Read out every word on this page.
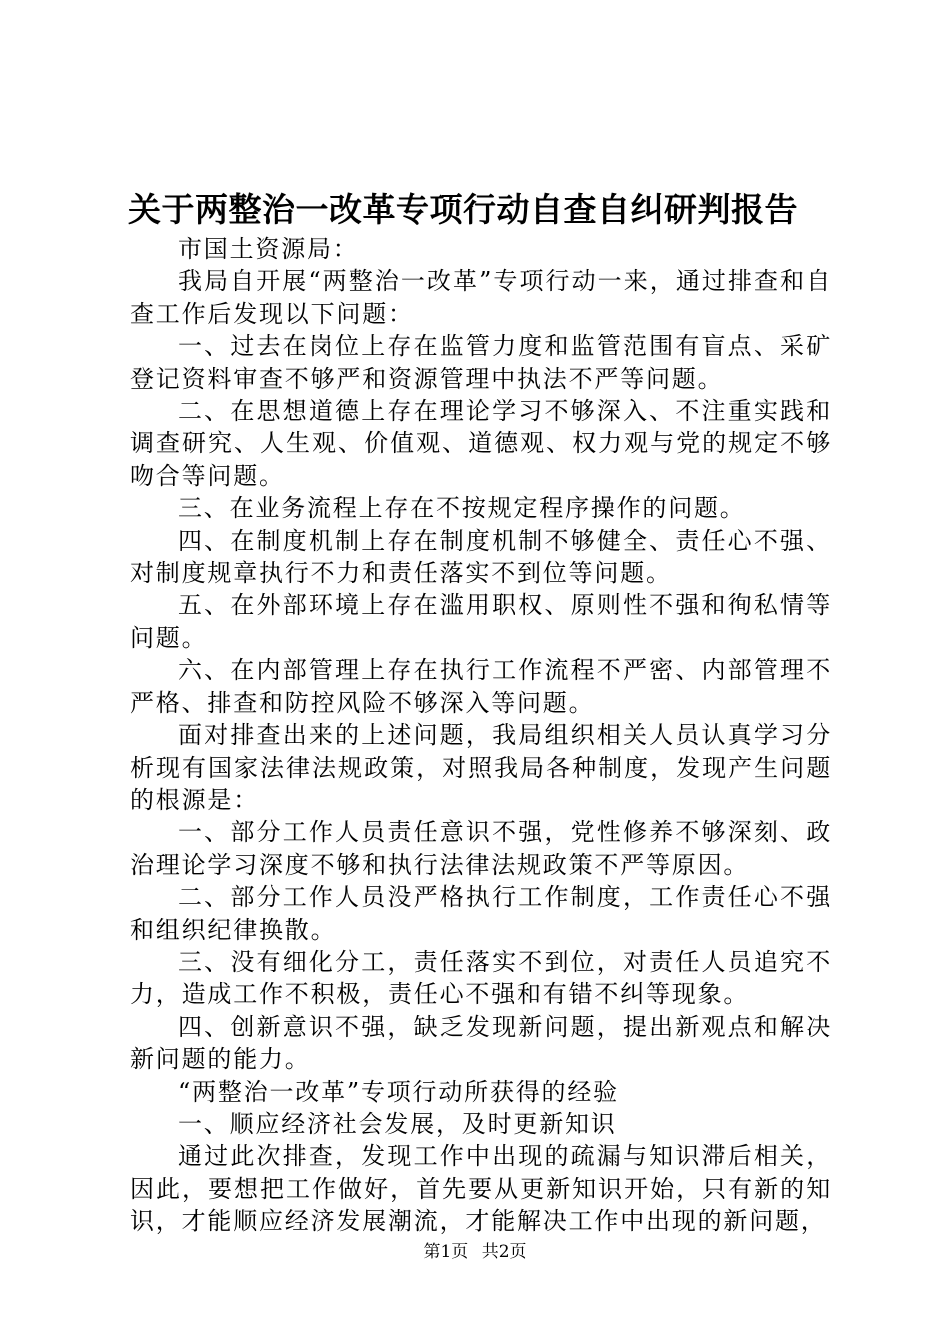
关于两整治一改革专项行动自查自纠研判报告

市国土资源局：

我局自开展“两整治一改革”专项行动一来，通过排查和自查工作后发现以下问题：

一、过去在岗位上存在监管力度和监管范围有盲点、采矿登记资料审查不够严和资源管理中执法不严等问题。

二、在思想道德上存在理论学习不够深入、不注重实践和调查研究、人生观、价值观、道德观、权力观与党的规定不够吻合等问题。

三、在业务流程上存在不按规定程序操作的问题。

四、在制度机制上存在制度机制不够健全、责任心不强、对制度规章执行不力和责任落实不到位等问题。

五、在外部环境上存在滥用职权、原则性不强和徇私情等问题。

六、在内部管理上存在执行工作流程不严密、内部管理不严格、排查和防控风险不够深入等问题。

面对排查出来的上述问题，我局组织相关人员认真学习分析现有国家法律法规政策，对照我局各种制度，发现产生问题的根源是：

一、部分工作人员责任意识不强，党性修养不够深刻、政治理论学习深度不够和执行法律法规政策不严等原因。

二、部分工作人员没严格执行工作制度，工作责任心不强和组织纪律换散。

三、没有细化分工，责任落实不到位，对责任人员追究不力，造成工作不积极，责任心不强和有错不纠等现象。

四、创新意识不强，缺乏发现新问题，提出新观点和解决新问题的能力。

“两整治一改革”专项行动所获得的经验

一、顺应经济社会发展，及时更新知识

通过此次排查，发现工作中出现的疏漏与知识滞后相关，因此，要想把工作做好，首先要从更新知识开始，只有新的知识，才能顺应经济发展潮流，才能解决工作中出现的新问题，

第1页 共2页
